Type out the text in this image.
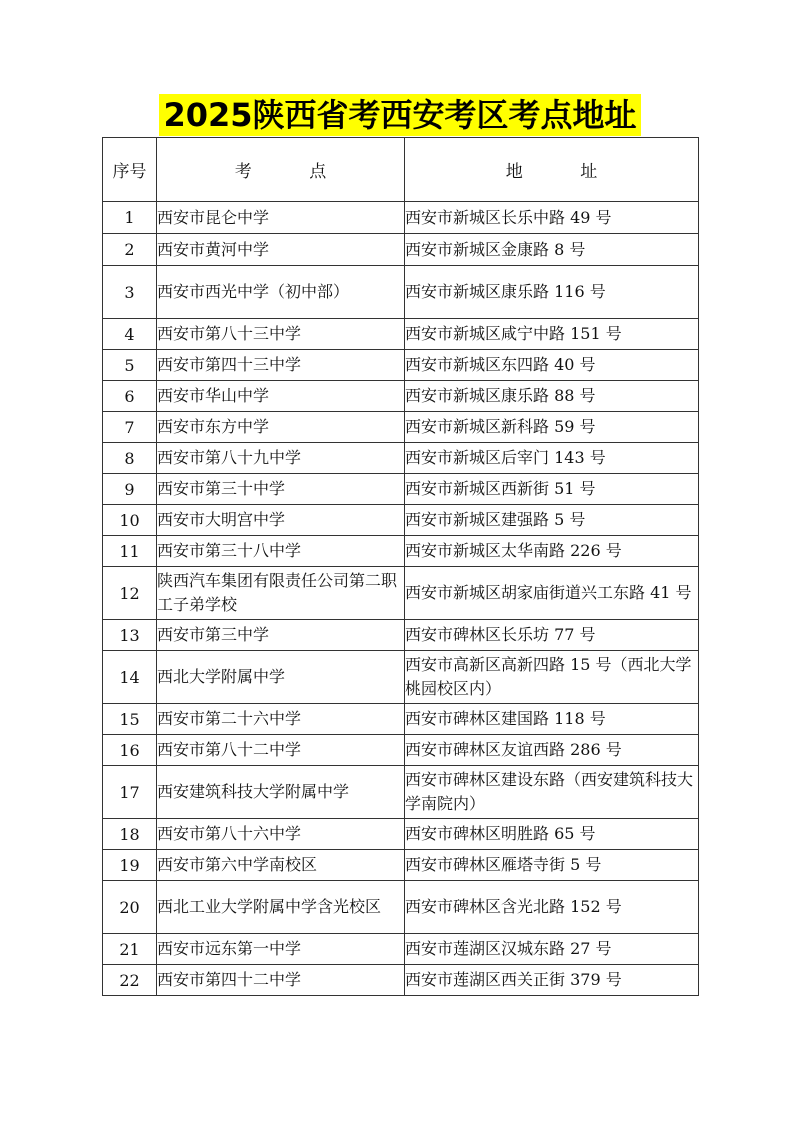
2025陕西省考西安考区考点地址
序号	考 点	地 址
1	西安市昆仑中学	西安市新城区长乐中路 49 号
2	西安市黄河中学	西安市新城区金康路 8 号
3	西安市西光中学（初中部）	西安市新城区康乐路 116 号
4	西安市第八十三中学	西安市新城区咸宁中路 151 号
5	西安市第四十三中学	西安市新城区东四路 40 号
6	西安市华山中学	西安市新城区康乐路 88 号
7	西安市东方中学	西安市新城区新科路 59 号
8	西安市第八十九中学	西安市新城区后宰门 143 号
9	西安市第三十中学	西安市新城区西新街 51 号
10	西安市大明宫中学	西安市新城区建强路 5 号
11	西安市第三十八中学	西安市新城区太华南路 226 号
12	陕西汽车集团有限责任公司第二职工子弟学校	西安市新城区胡家庙街道兴工东路 41 号
13	西安市第三中学	西安市碑林区长乐坊 77 号
14	西北大学附属中学	西安市高新区高新四路 15 号（西北大学桃园校区内）
15	西安市第二十六中学	西安市碑林区建国路 118 号
16	西安市第八十二中学	西安市碑林区友谊西路 286 号
17	西安建筑科技大学附属中学	西安市碑林区建设东路（西安建筑科技大学南院内）
18	西安市第八十六中学	西安市碑林区明胜路 65 号
19	西安市第六中学南校区	西安市碑林区雁塔寺街 5 号
20	西北工业大学附属中学含光校区	西安市碑林区含光北路 152 号
21	西安市远东第一中学	西安市莲湖区汉城东路 27 号
22	西安市第四十二中学	西安市莲湖区西关正街 379 号
